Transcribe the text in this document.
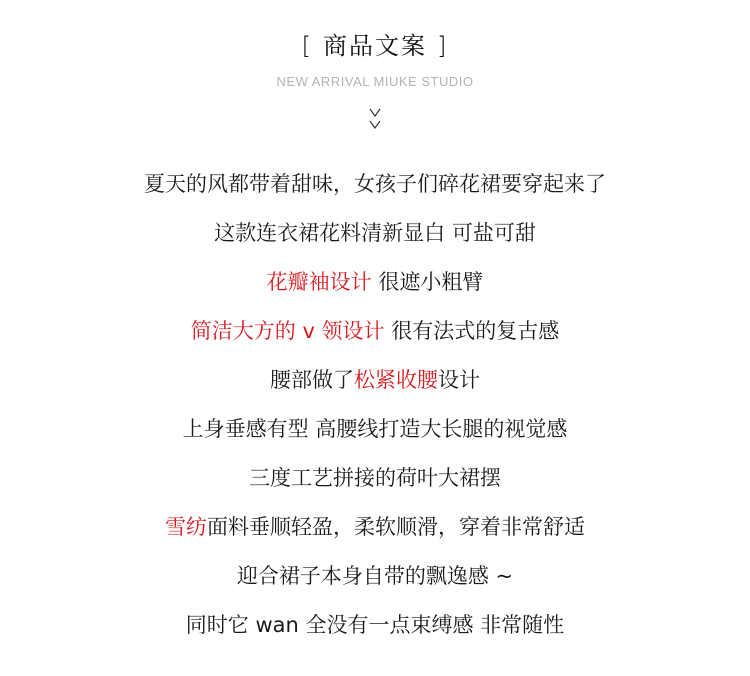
[ 商品文案 ]
NEW ARRIVAL MIUKE STUDIO
夏天的风都带着甜味，女孩子们碎花裙要穿起来了
这款连衣裙花料清新显白 可盐可甜
花瓣袖设计 很遮小粗臂
简洁大方的 v 领设计 很有法式的复古感
腰部做了松紧收腰设计
上身垂感有型 高腰线打造大长腿的视觉感
三度工艺拼接的荷叶大裙摆
雪纺面料垂顺轻盈，柔软顺滑，穿着非常舒适
迎合裙子本身自带的飘逸感 ~
同时它 wan 全没有一点束缚感 非常随性
